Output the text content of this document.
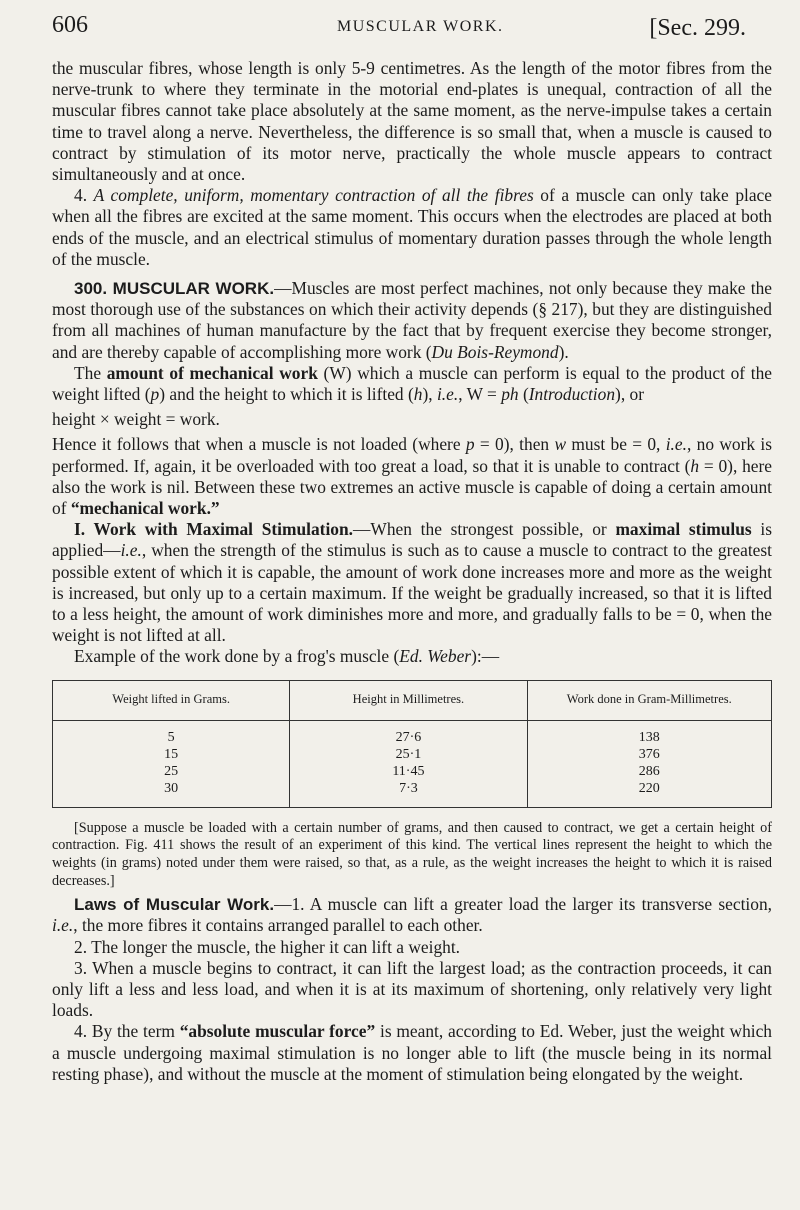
606	MUSCULAR WORK.	[Sec. 299.

the muscular fibres, whose length is only 5-9 centimetres. As the length of the motor fibres from the nerve-trunk to where they terminate in the motorial end-plates is unequal, contraction of all the muscular fibres cannot take place absolutely at the same moment, as the nerve-impulse takes a certain time to travel along a nerve. Nevertheless, the difference is so small that, when a muscle is caused to contract by stimulation of its motor nerve, practically the whole muscle appears to contract simultaneously and at once.

4. A complete, uniform, momentary contraction of all the fibres of a muscle can only take place when all the fibres are excited at the same moment. This occurs when the electrodes are placed at both ends of the muscle, and an electrical stimulus of momentary duration passes through the whole length of the muscle.

300. MUSCULAR WORK.—Muscles are most perfect machines, not only because they make the most thorough use of the substances on which their activity depends (§ 217), but they are distinguished from all machines of human manufacture by the fact that by frequent exercise they become stronger, and are thereby capable of accomplishing more work (Du Bois-Reymond).

The amount of mechanical work (W) which a muscle can perform is equal to the product of the weight lifted (p) and the height to which it is lifted (h), i.e., W = ph (Introduction), or

height × weight = work.

Hence it follows that when a muscle is not loaded (where p = 0), then w must be = 0, i.e., no work is performed. If, again, it be overloaded with too great a load, so that it is unable to contract (h = 0), here also the work is nil. Between these two extremes an active muscle is capable of doing a certain amount of “mechanical work.”

I. Work with Maximal Stimulation.—When the strongest possible, or maximal stimulus is applied—i.e., when the strength of the stimulus is such as to cause a muscle to contract to the greatest possible extent of which it is capable, the amount of work done increases more and more as the weight is increased, but only up to a certain maximum. If the weight be gradually increased, so that it is lifted to a less height, the amount of work diminishes more and more, and gradually falls to be = 0, when the weight is not lifted at all.

Example of the work done by a frog's muscle (Ed. Weber):—

Weight lifted in Grams.	Height in Millimetres.	Work done in Gram-Millimetres.
5	27·6	138
15	25·1	376
25	11·45	286
30	7·3	220

[Suppose a muscle be loaded with a certain number of grams, and then caused to contract, we get a certain height of contraction. Fig. 411 shows the result of an experiment of this kind. The vertical lines represent the height to which the weights (in grams) noted under them were raised, so that, as a rule, as the weight increases the height to which it is raised decreases.]

Laws of Muscular Work.—1. A muscle can lift a greater load the larger its transverse section, i.e., the more fibres it contains arranged parallel to each other.

2. The longer the muscle, the higher it can lift a weight.

3. When a muscle begins to contract, it can lift the largest load; as the contraction proceeds, it can only lift a less and less load, and when it is at its maximum of shortening, only relatively very light loads.

4. By the term “absolute muscular force” is meant, according to Ed. Weber, just the weight which a muscle undergoing maximal stimulation is no longer able to lift (the muscle being in its normal resting phase), and without the muscle at the moment of stimulation being elongated by the weight.
